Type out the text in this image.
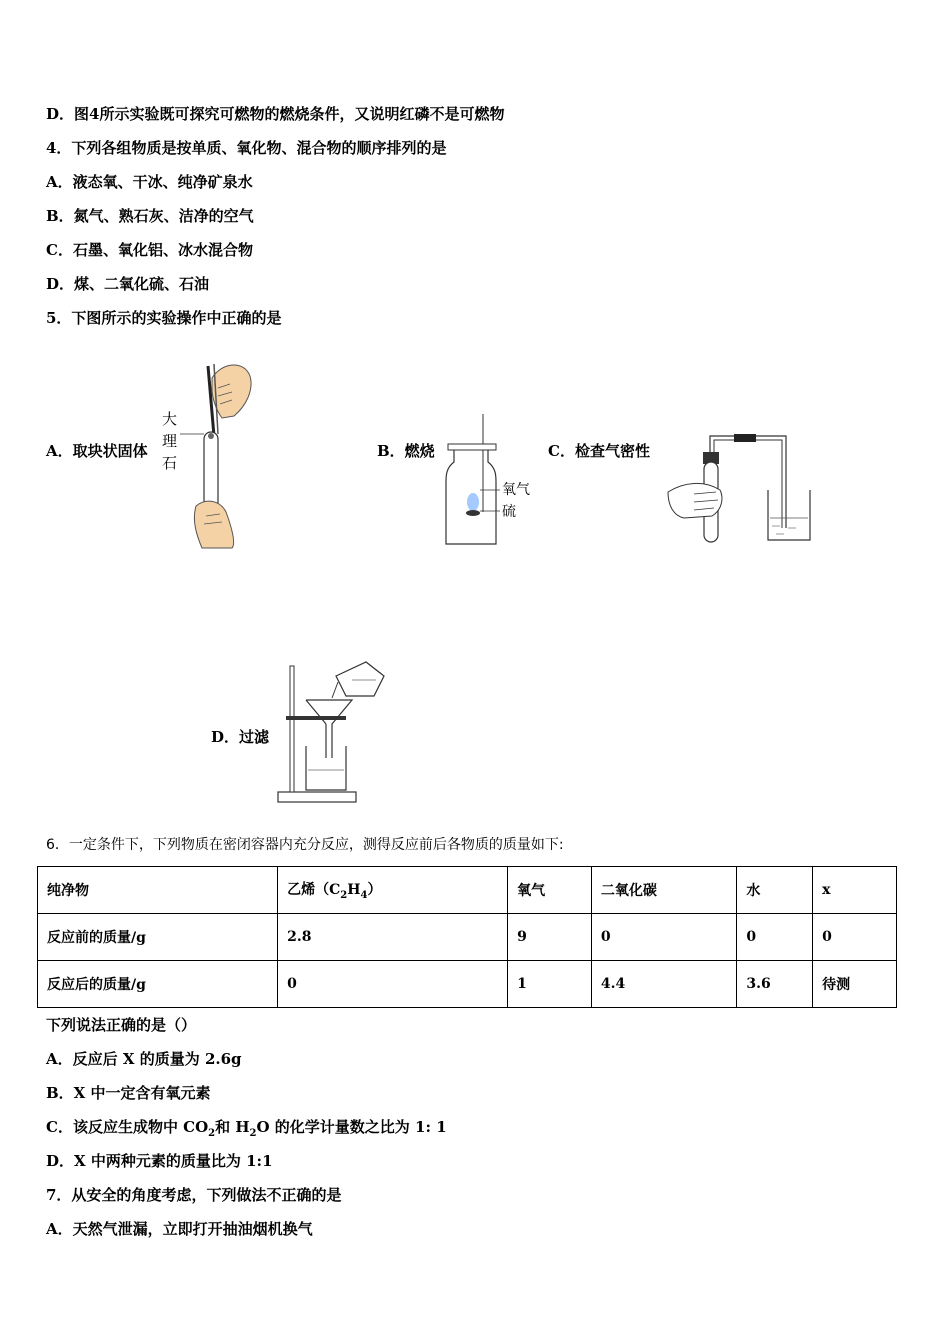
D．图4所示实验既可探究可燃物的燃烧条件，又说明红磷不是可燃物
4．下列各组物质是按单质、氧化物、混合物的顺序排列的是
A．液态氧、干冰、纯净矿泉水
B．氮气、熟石灰、洁净的空气
C．石墨、氧化铝、冰水混合物
D．煤、二氧化硫、石油
5．下图所示的实验操作中正确的是
A．取块状固体	B．燃烧	C．检查气密性
D．过滤
大
理
石
氧气
硫
6．一定条件下，下列物质在密闭容器内充分反应，测得反应前后各物质的质量如下:
纯净物	乙烯$(C_2H_4)$	氧气	二氧化碳	水	x
反应前的质量/g	2.8	9	0	0	0
反应后的质量/g	0	1	4.4	3.6	待测
下列说法正确的是（）
A．反应后 X 的质量为 2.6g
B．X 中一定含有氧元素
C．该反应生成物中 $CO_2$和 $H_2O$ 的化学计量数之比为 1: 1
D．X 中两种元素的质量比为 1:1
7．从安全的角度考虑，下列做法不正确的是
A．天然气泄漏，立即打开抽油烟机换气
